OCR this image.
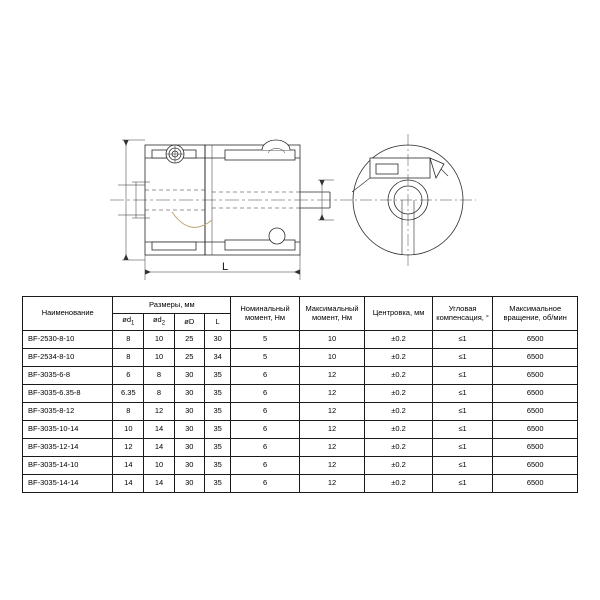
L
Наименование	Размеры, мм				Номинальный момент, Нм	Максимальный момент, Нм	Центровка, мм	Угловая компенсация, °	Максимальное вращение, об/мин
	$ød_1$	$ød_2$	øD	L					
BF-2530-8-10	8	10	25	30	5	10	±0.2	≤1	6500
BF-2534-8-10	8	10	25	34	5	10	±0.2	≤1	6500
BF-3035-6-8	6	8	30	35	6	12	±0.2	≤1	6500
BF-3035-6.35-8	6.35	8	30	35	6	12	±0.2	≤1	6500
BF-3035-8-12	8	12	30	35	6	12	±0.2	≤1	6500
BF-3035-10-14	10	14	30	35	6	12	±0.2	≤1	6500
BF-3035-12-14	12	14	30	35	6	12	±0.2	≤1	6500
BF-3035-14-10	14	10	30	35	6	12	±0.2	≤1	6500
BF-3035-14-14	14	14	30	35	6	12	±0.2	≤1	6500
